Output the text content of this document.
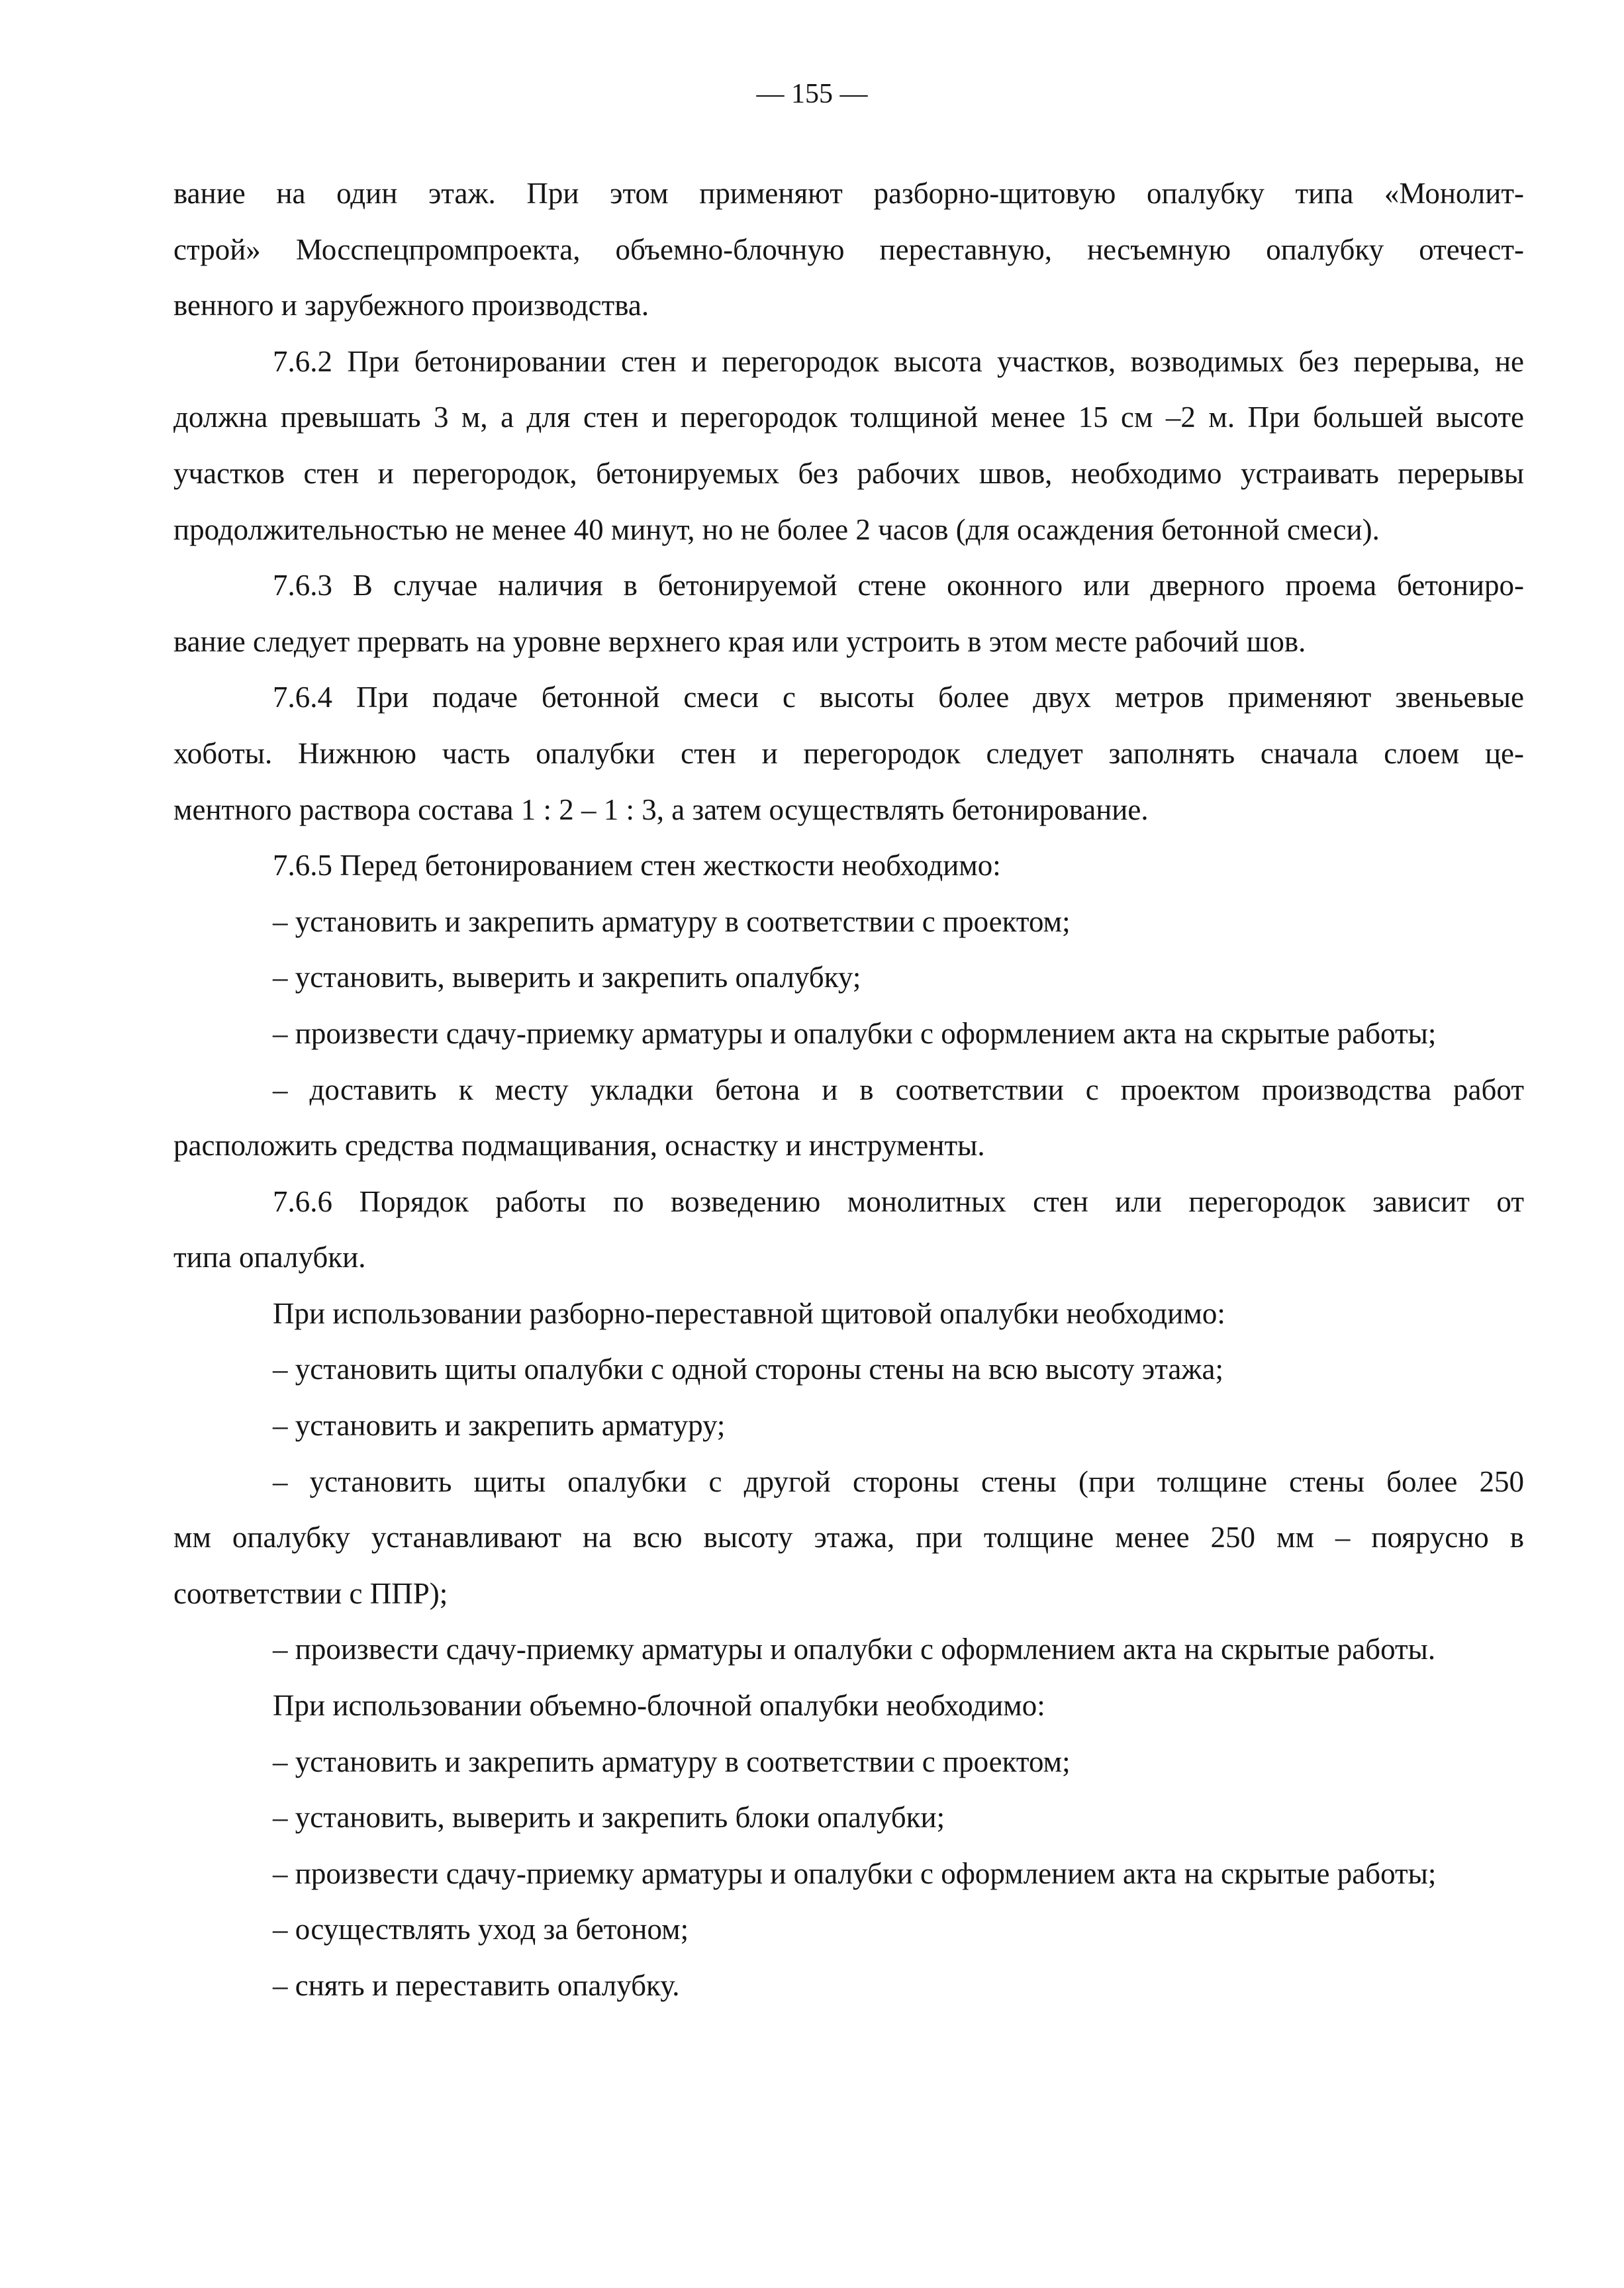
— 155 —

вание на один этаж. При этом применяют разборно-щитовую опалубку типа «Монолит-

строй» Мосспецпромпроекта, объемно-блочную переставную, несъемную опалубку отечест-

венного и зарубежного производства.

7.6.2 При бетонировании стен и перегородок высота участков, возводимых без перерыва, не

должна превышать 3 м, а для стен и перегородок толщиной менее 15 см –2 м. При большей высоте

участков стен и перегородок, бетонируемых без рабочих швов, необходимо устраивать перерывы

продолжительностью не менее 40 минут, но не более 2 часов (для осаждения бетонной смеси).

7.6.3 В случае наличия в бетонируемой стене оконного или дверного проема бетониро-

вание следует прервать на уровне верхнего края или устроить в этом месте рабочий шов.

7.6.4 При подаче бетонной смеси с высоты более двух метров применяют звеньевые

хоботы. Нижнюю часть опалубки стен и перегородок следует заполнять сначала слоем це-

ментного раствора состава 1 : 2 – 1 : 3, а затем осуществлять бетонирование.

7.6.5 Перед бетонированием стен жесткости необходимо:

– установить и закрепить арматуру в соответствии с проектом;

– установить, выверить и закрепить опалубку;

– произвести сдачу-приемку арматуры и опалубки с оформлением акта на скрытые работы;

– доставить к месту укладки бетона и в соответствии с проектом производства работ

расположить средства подмащивания, оснастку и инструменты.

7.6.6 Порядок работы по возведению монолитных стен или перегородок зависит от

типа опалубки.

При использовании разборно-переставной щитовой опалубки необходимо:

– установить щиты опалубки с одной стороны стены на всю высоту этажа;

– установить и закрепить арматуру;

– установить щиты опалубки с другой стороны стены (при толщине стены более 250

мм опалубку устанавливают на всю высоту этажа, при толщине менее 250 мм – поярусно в

соответствии с ППР);

– произвести сдачу-приемку арматуры и опалубки с оформлением акта на скрытые работы.

При использовании объемно-блочной опалубки необходимо:

– установить и закрепить арматуру в соответствии с проектом;

– установить, выверить и закрепить блоки опалубки;

– произвести сдачу-приемку арматуры и опалубки с оформлением акта на скрытые работы;

– осуществлять уход за бетоном;

– снять и переставить опалубку.
